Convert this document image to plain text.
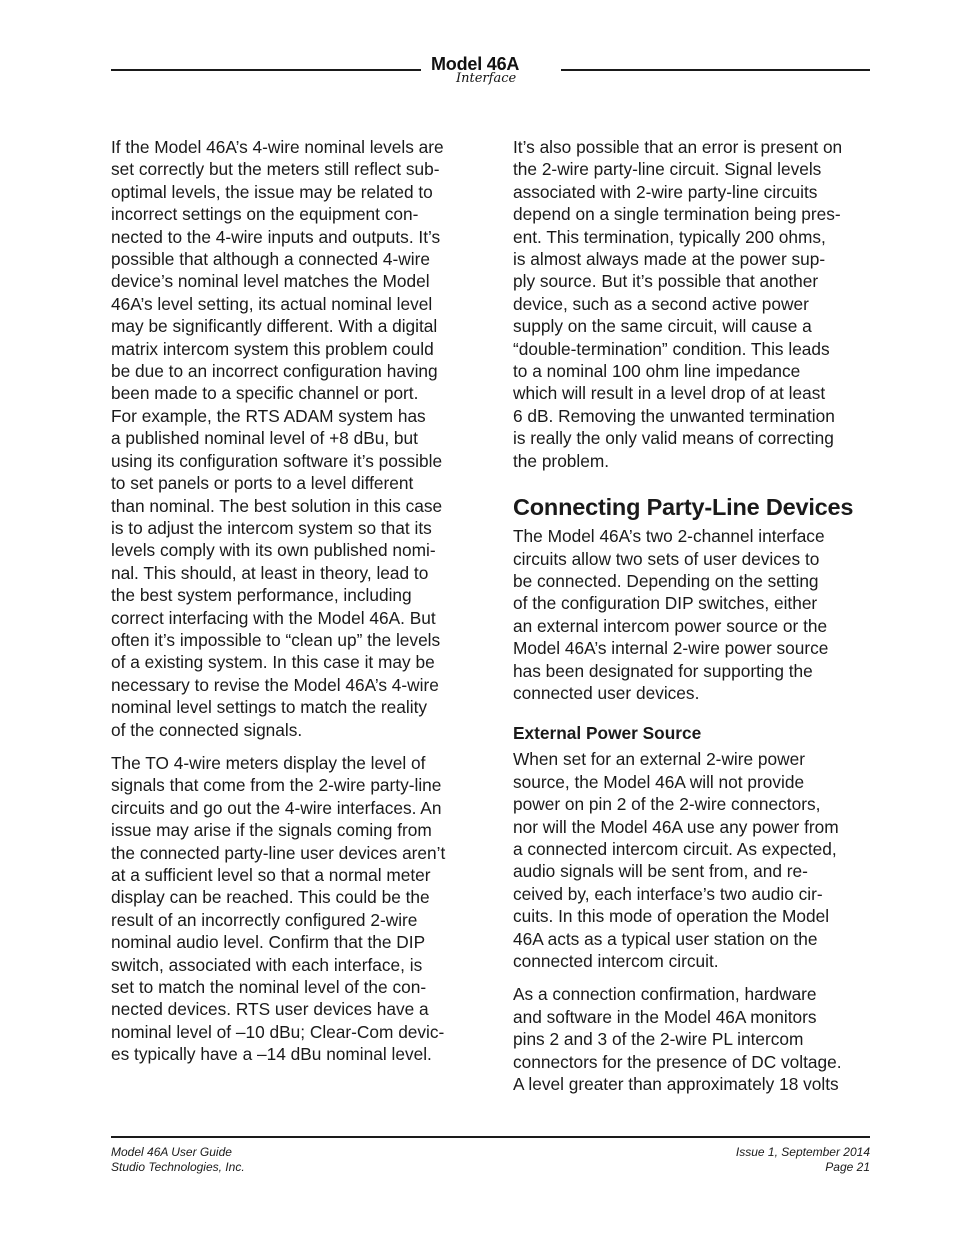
Model 46A
Interface
If the Model 46A’s 4-wire nominal levels are
set correctly but the meters still reflect sub-
optimal levels, the issue may be related to
incorrect settings on the equipment con-
nected to the 4-wire inputs and outputs. It’s
possible that although a connected 4-wire
device’s nominal level matches the Model
46A’s level setting, its actual nominal level
may be significantly different. With a digital
matrix intercom system this problem could
be due to an incorrect configuration having
been made to a specific channel or port.
For example, the RTS ADAM system has
a published nominal level of +8 dBu, but
using its configuration software it’s possible
to set panels or ports to a level different
than nominal. The best solution in this case
is to adjust the intercom system so that its
levels comply with its own published nomi-
nal. This should, at least in theory, lead to
the best system performance, including
correct interfacing with the Model 46A. But
often it’s impossible to “clean up” the levels
of a existing system. In this case it may be
necessary to revise the Model 46A’s 4-wire
nominal level settings to match the reality
of the connected signals.
The TO 4-wire meters display the level of
signals that come from the 2-wire party-line
circuits and go out the 4-wire interfaces. An
issue may arise if the signals coming from
the connected party-line user devices aren’t
at a sufficient level so that a normal meter
display can be reached. This could be the
result of an incorrectly configured 2-wire
nominal audio level. Confirm that the DIP
switch, associated with each interface, is
set to match the nominal level of the con-
nected devices. RTS user devices have a
nominal level of –10 dBu; Clear-Com devic-
es typically have a –14 dBu nominal level.
It’s also possible that an error is present on
the 2-wire party-line circuit. Signal levels
associated with 2-wire party-line circuits
depend on a single termination being pres-
ent. This termination, typically 200 ohms,
is almost always made at the power sup-
ply source. But it’s possible that another
device, such as a second active power
supply on the same circuit, will cause a
“double-termination” condition. This leads
to a nominal 100 ohm line impedance
which will result in a level drop of at least
6 dB. Removing the unwanted termination
is really the only valid means of correcting
the problem.
Connecting Party-Line Devices
The Model 46A’s two 2-channel interface
circuits allow two sets of user devices to
be connected. Depending on the setting
of the configuration DIP switches, either
an external intercom power source or the
Model 46A’s internal 2-wire power source
has been designated for supporting the
connected user devices.
External Power Source
When set for an external 2-wire power
source, the Model 46A will not provide
power on pin 2 of the 2-wire connectors,
nor will the Model 46A use any power from
a connected intercom circuit. As expected,
audio signals will be sent from, and re-
ceived by, each interface’s two audio cir-
cuits. In this mode of operation the Model
46A acts as a typical user station on the
connected intercom circuit.
As a connection confirmation, hardware
and software in the Model 46A monitors
pins 2 and 3 of the 2-wire PL intercom
connectors for the presence of DC voltage.
A level greater than approximately 18 volts
Model 46A User Guide
Studio Technologies, Inc.
Issue 1, September 2014
Page 21
